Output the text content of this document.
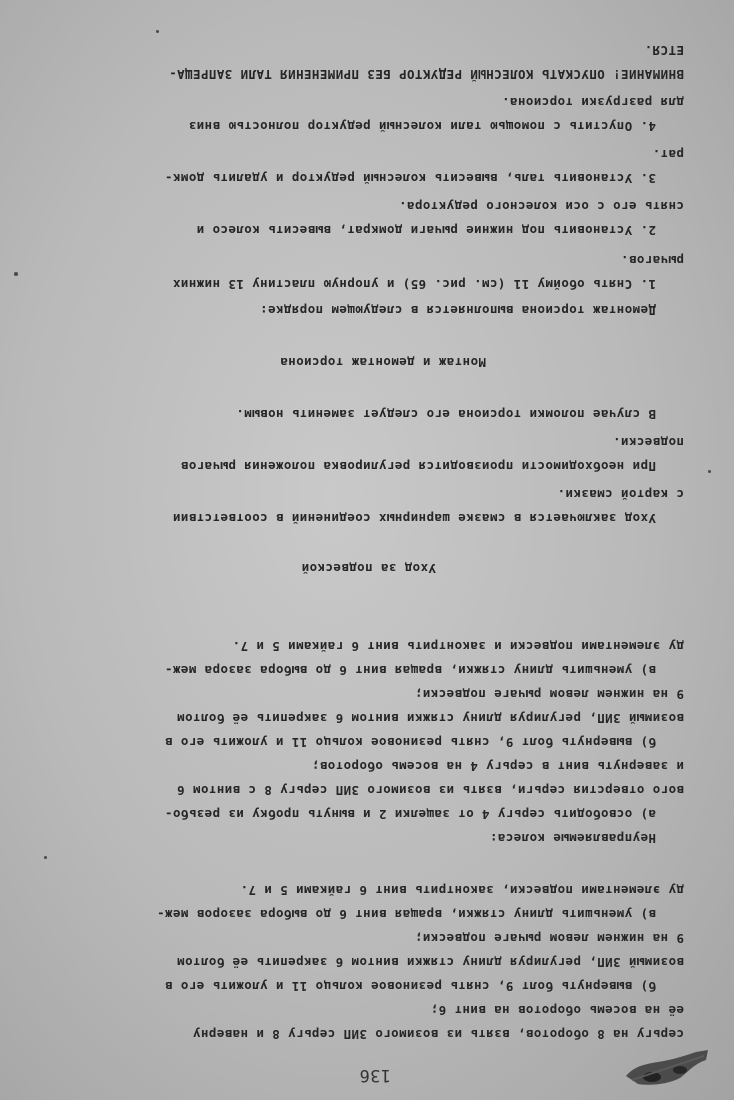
136
серьгу на 8 оборотов, взять из возимого ЗИП серьгу 8 и наверну
её на восемь оборотов на винт 6;
б) вывернуть болт 9, снять резиновое кольцо 11 и уложить его в
возимый ЗИП, регулируя длину стяжки винтом 6 закрепить её болтом
9 на нижнем левом рычаге подвески;
в) уменьшить длину стяжки, вращая винт 6 до выбора зазоров меж-
ду элементами подвески, законтрить винт 6 гайками 5 и 7.
Неуправляемые колеса:
а) освободить серьгу 4 от защелки 2 и вынуть пробку из резьбо-
вого отверстия серьги, взять из возимого ЗИП серьгу 8 с винтом 6
и завернуть винт в серьгу 4 на восемь оборотов;
б) вывернуть болт 9, снять резиновое кольцо 11 и уложить его в
возимый ЗИП, регулируя длину стяжки винтом 6 закрепить её болтом
9 на нижнем левом рычаге подвески;
в) уменьшить длину стяжки, вращая винт 6 до выбора зазора меж-
ду элементами подвески и законтрить винт 6 гайками 5 и 7.
Уход за подвеской
Уход заключается в смазке шарнирных соединений в соответствии
с картой смазки.
При необходимости производится регулировка положения рычагов
подвески.
В случае поломки торсиона его следует заменить новым.
Монтаж и демонтаж торсиона
Демонтаж торсиона выполняется в следующем порядке:
1. Снять обойму 11 (см. рис. 65) и упорную пластину 13 нижних
рычагов.
2. Установить под нижние рычаги домкрат, вывесить колесо и
снять его с оси колесного редуктора.
3. Установить таль, вывесить колесный редуктор и удалить домк-
рат.
4. Опустить с помощью тали колесный редуктор полностью вниз
для разгрузки торсиона.
ВНИМАНИЕ! ОПУСКАТЬ КОЛЕСНЫЙ РЕДУКТОР БЕЗ ПРИМЕНЕНИЯ ТАЛИ ЗАПРЕЩА-
ЕТСЯ.
